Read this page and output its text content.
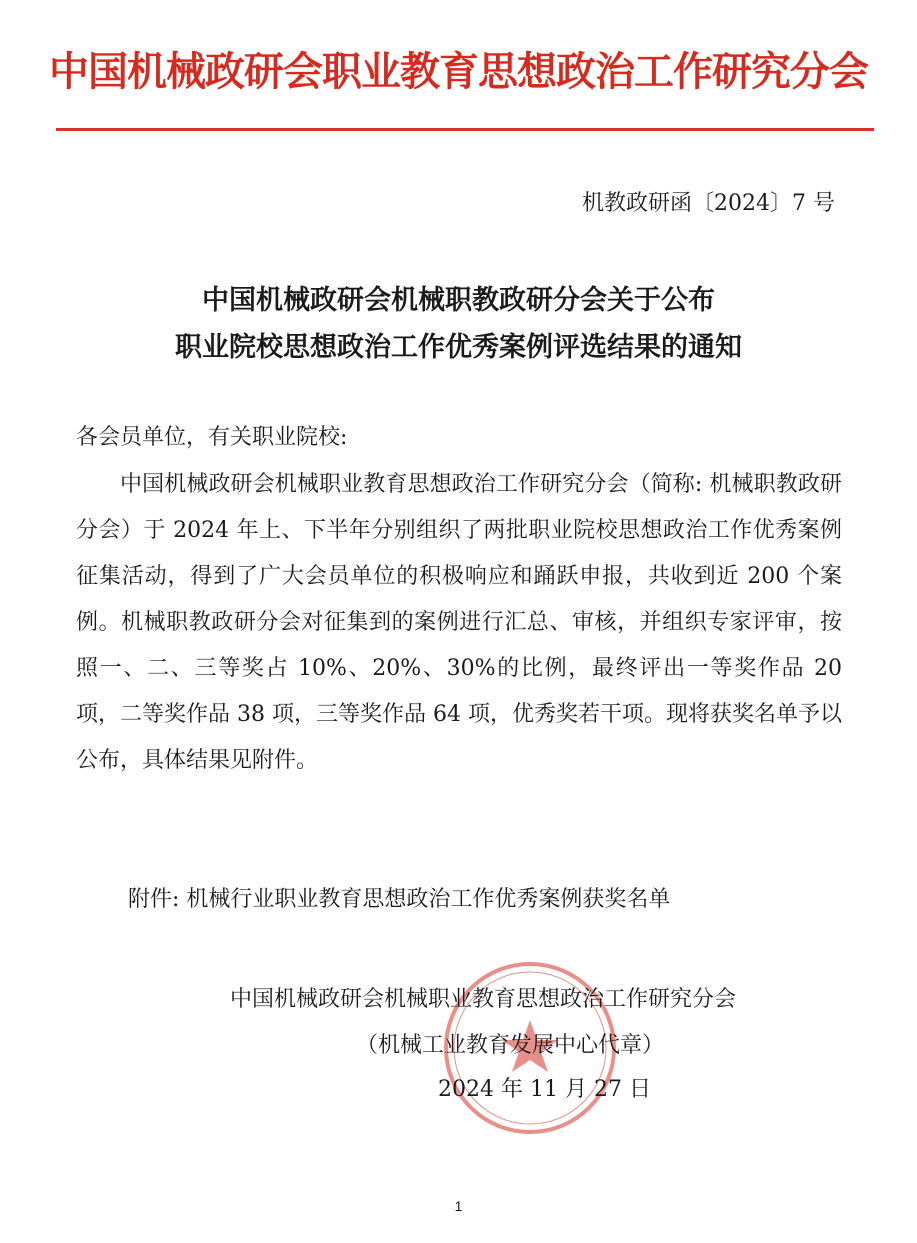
中国机械政研会职业教育思想政治工作研究分会
机教政研函〔2024〕7 号
中国机械政研会机械职教政研分会关于公布
职业院校思想政治工作优秀案例评选结果的通知
各会员单位，有关职业院校:

中国机械政研会机械职业教育思想政治工作研究分会（简称: 机械职教政研分会）于 2024 年上、下半年分别组织了两批职业院校思想政治工作优秀案例征集活动，得到了广大会员单位的积极响应和踊跃申报，共收到近 200 个案例。机械职教政研分会对征集到的案例进行汇总、审核，并组织专家评审，按照一、二、三等奖占 10%、20%、30%的比例，最终评出一等奖作品 20 项，二等奖作品 38 项，三等奖作品 64 项，优秀奖若干项。现将获奖名单予以公布，具体结果见附件。

附件: 机械行业职业教育思想政治工作优秀案例获奖名单
中国机械政研会机械职业教育思想政治工作研究分会
（机械工业教育发展中心代章）
2024 年 11 月 27 日
1
